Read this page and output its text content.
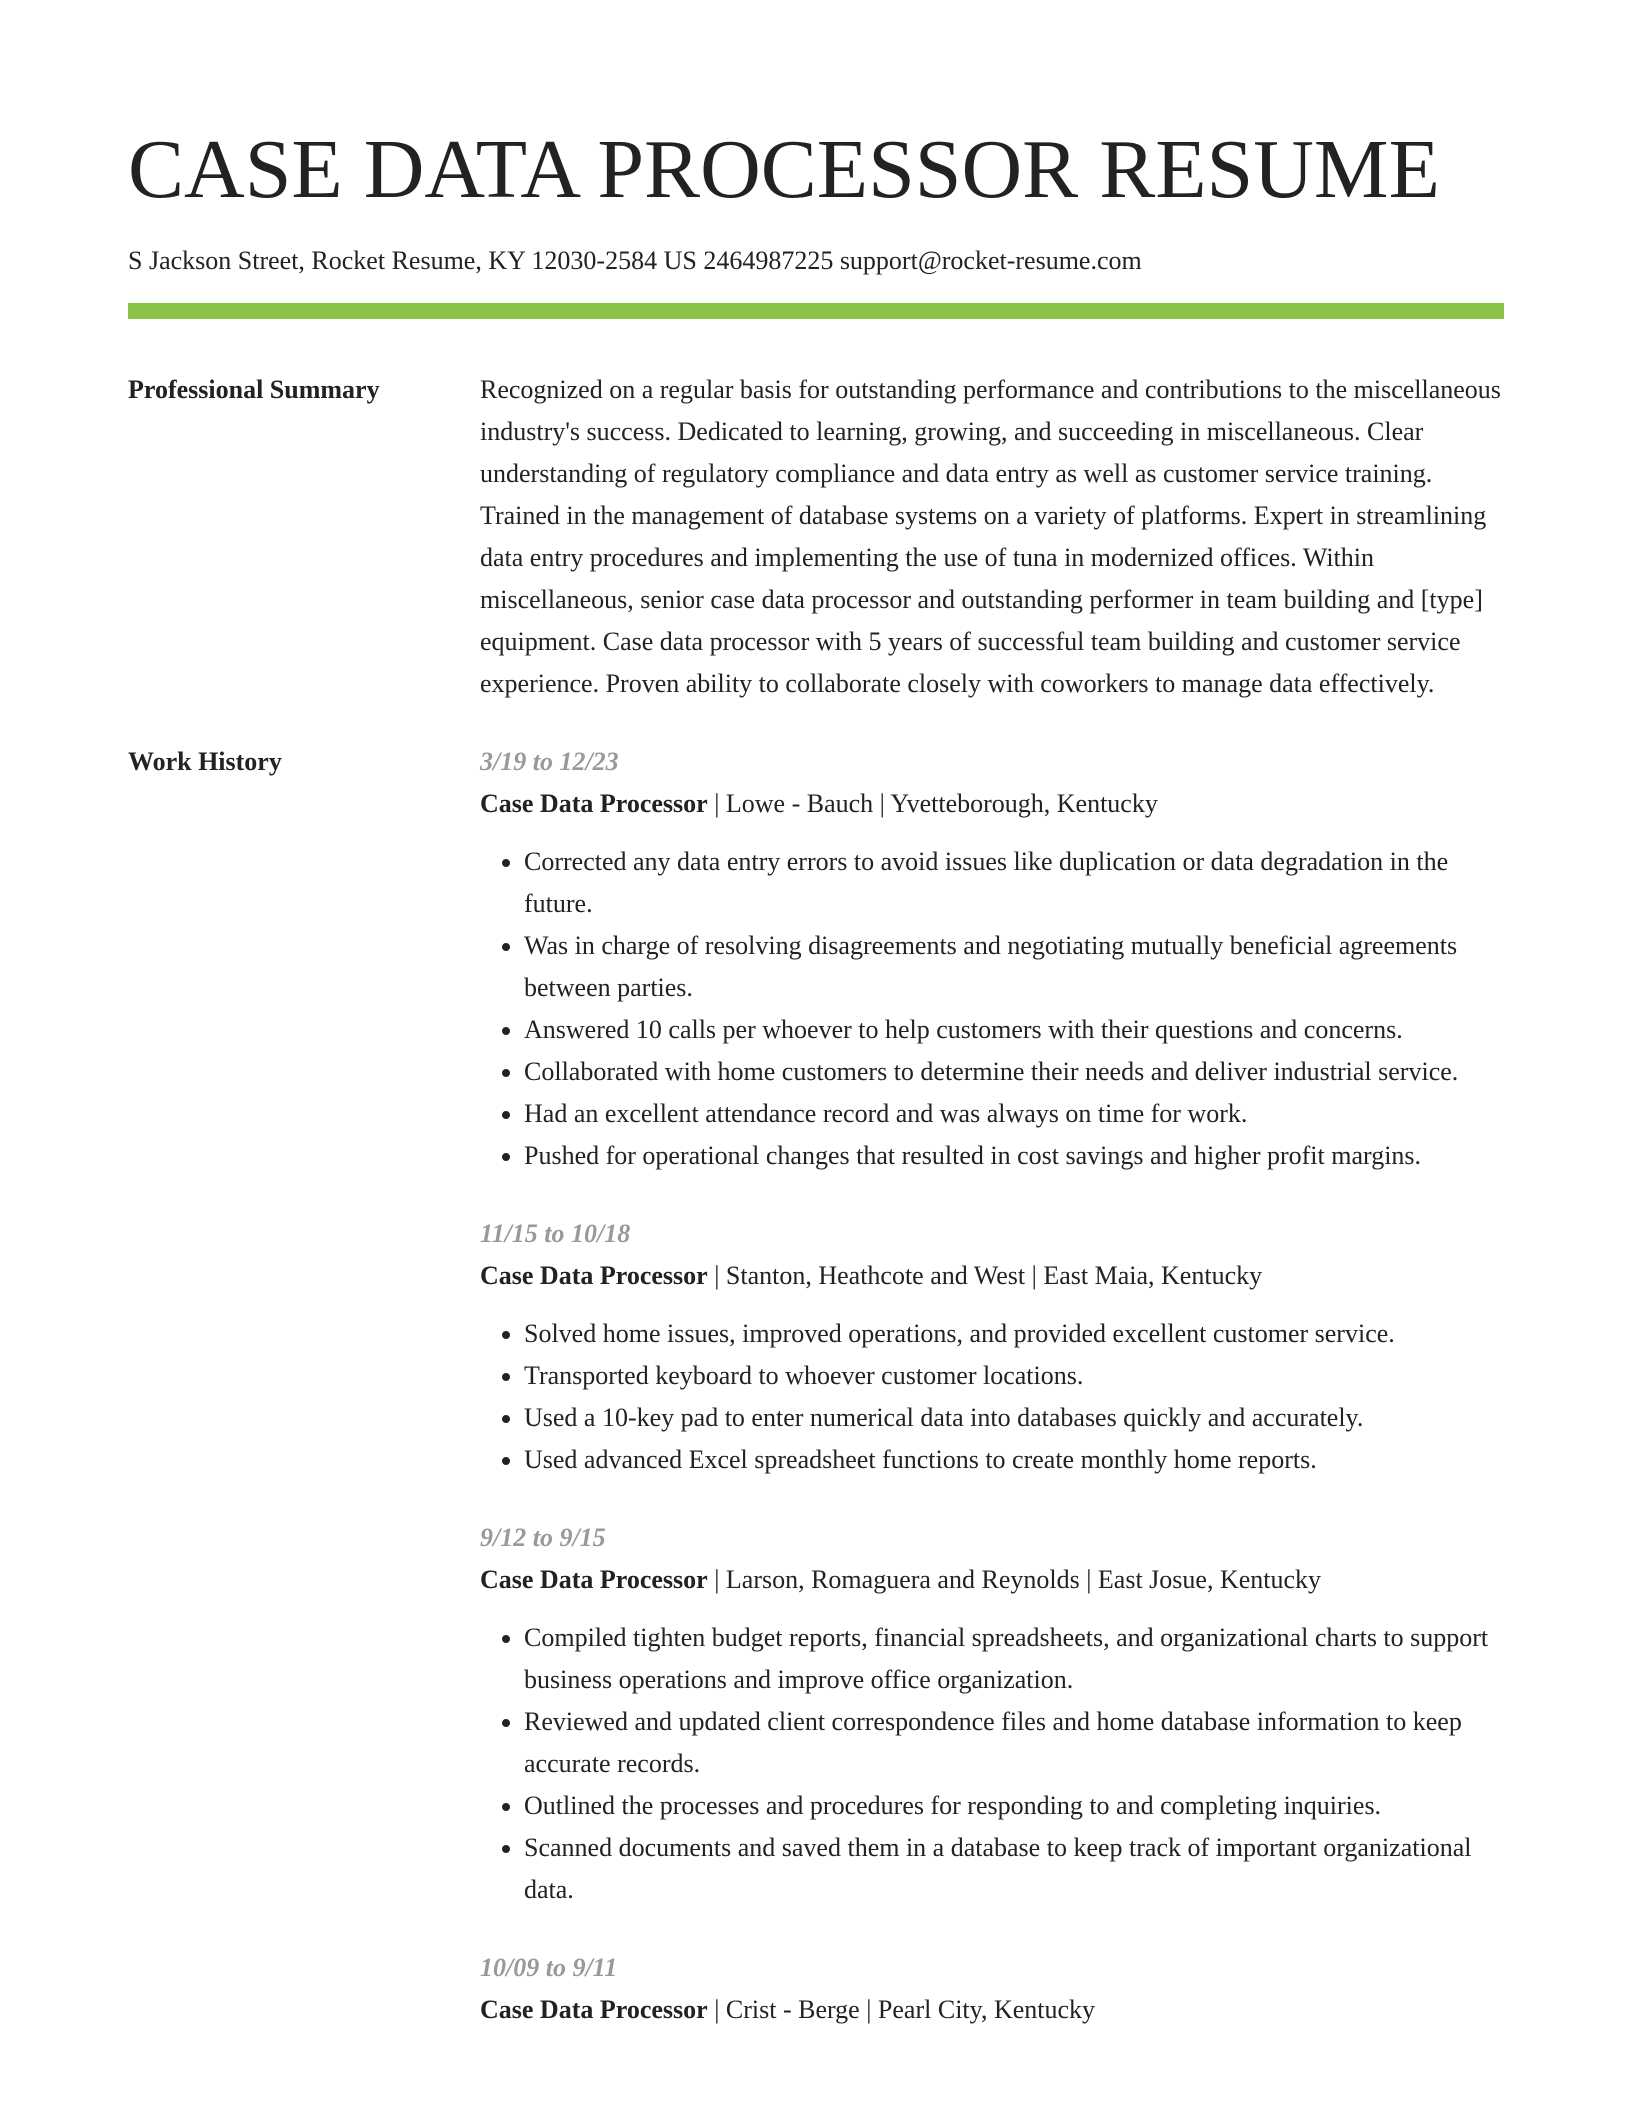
CASE DATA PROCESSOR RESUME
S Jackson Street, Rocket Resume, KY 12030-2584 US 2464987225 support@rocket-resume.com
Professional Summary	Recognized on a regular basis for outstanding performance and contributions to the miscellaneous industry's success. Dedicated to learning, growing, and succeeding in miscellaneous. Clear understanding of regulatory compliance and data entry as well as customer service training. Trained in the management of database systems on a variety of platforms. Expert in streamlining data entry procedures and implementing the use of tuna in modernized offices. Within miscellaneous, senior case data processor and outstanding performer in team building and [type] equipment. Case data processor with 5 years of successful team building and customer service experience. Proven ability to collaborate closely with coworkers to manage data effectively.

Work History	3/19 to 12/23
Case Data Processor | Lowe - Bauch | Yvetteborough, Kentucky
• Corrected any data entry errors to avoid issues like duplication or data degradation in the future.
• Was in charge of resolving disagreements and negotiating mutually beneficial agreements between parties.
• Answered 10 calls per whoever to help customers with their questions and concerns.
• Collaborated with home customers to determine their needs and deliver industrial service.
• Had an excellent attendance record and was always on time for work.
• Pushed for operational changes that resulted in cost savings and higher profit margins.
11/15 to 10/18
Case Data Processor | Stanton, Heathcote and West | East Maia, Kentucky
• Solved home issues, improved operations, and provided excellent customer service.
• Transported keyboard to whoever customer locations.
• Used a 10-key pad to enter numerical data into databases quickly and accurately.
• Used advanced Excel spreadsheet functions to create monthly home reports.
9/12 to 9/15
Case Data Processor | Larson, Romaguera and Reynolds | East Josue, Kentucky
• Compiled tighten budget reports, financial spreadsheets, and organizational charts to support business operations and improve office organization.
• Reviewed and updated client correspondence files and home database information to keep accurate records.
• Outlined the processes and procedures for responding to and completing inquiries.
• Scanned documents and saved them in a database to keep track of important organizational data.
10/09 to 9/11
Case Data Processor | Crist - Berge | Pearl City, Kentucky
